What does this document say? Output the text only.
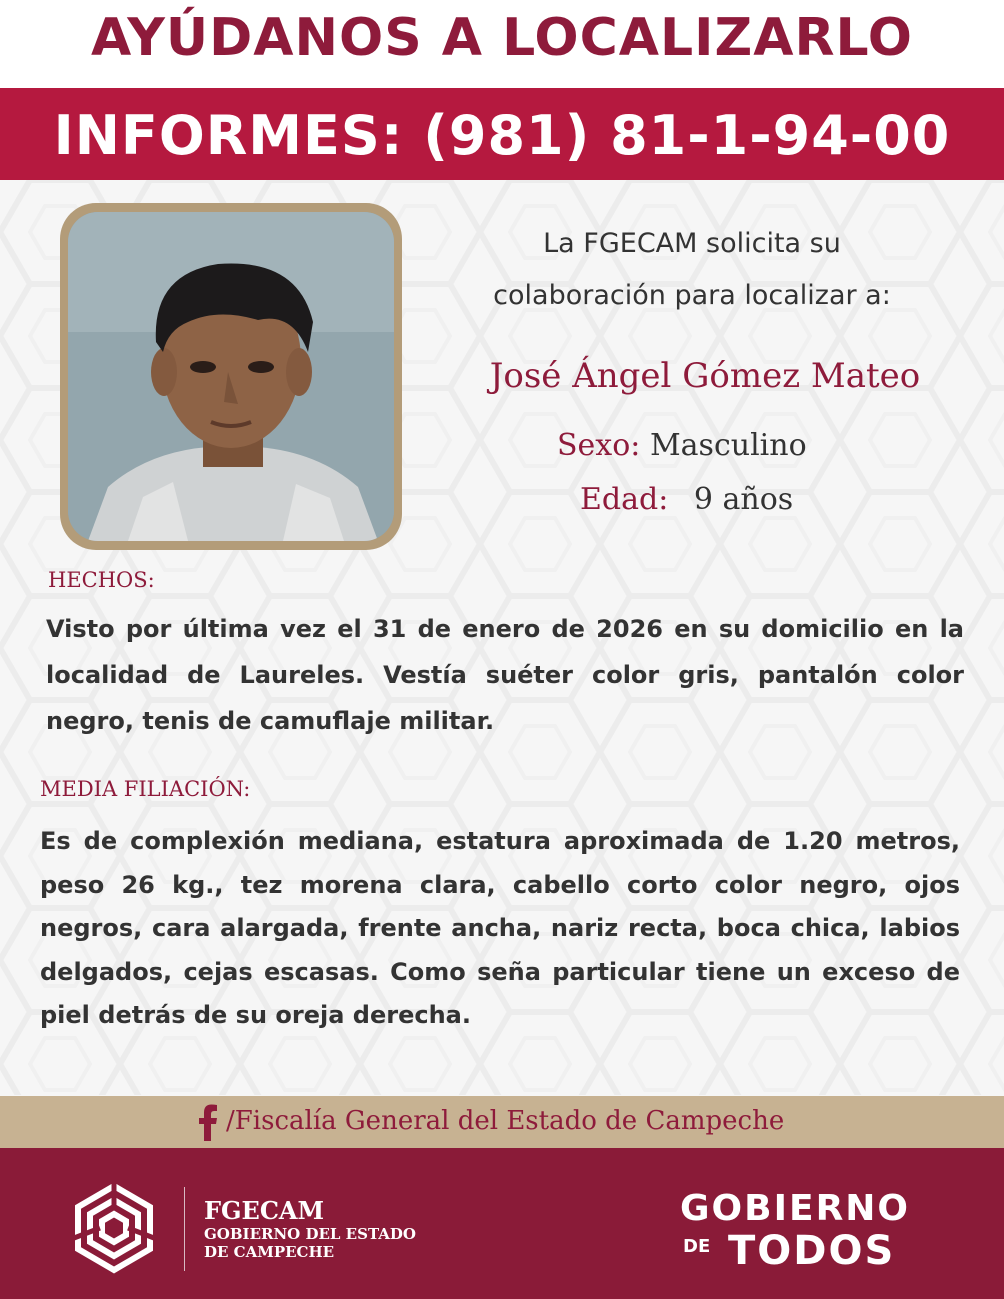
AYÚDANOS A LOCALIZARLO
INFORMES: (981) 81-1-94-00
La FGECAM solicita su
colaboración para localizar a:
José Ángel Gómez Mateo
Sexo: Masculino
Edad: 9 años
HECHOS:
Visto por última vez el 31 de enero de 2026 en su domicilio en la localidad de Laureles. Vestía suéter color gris, pantalón color negro, tenis de camuflaje militar.
MEDIA FILIACIÓN:
Es de complexión mediana, estatura aproximada de 1.20 metros, peso 26 kg., tez morena clara, cabello corto color negro, ojos negros, cara alargada, frente ancha, nariz recta, boca chica, labios delgados, cejas escasas. Como seña particular tiene un exceso de piel detrás de su oreja derecha.
/Fiscalía General del Estado de Campeche
FGECAM
GOBIERNO DEL ESTADO
DE CAMPECHE
GOBIERNO
DE TODOS
